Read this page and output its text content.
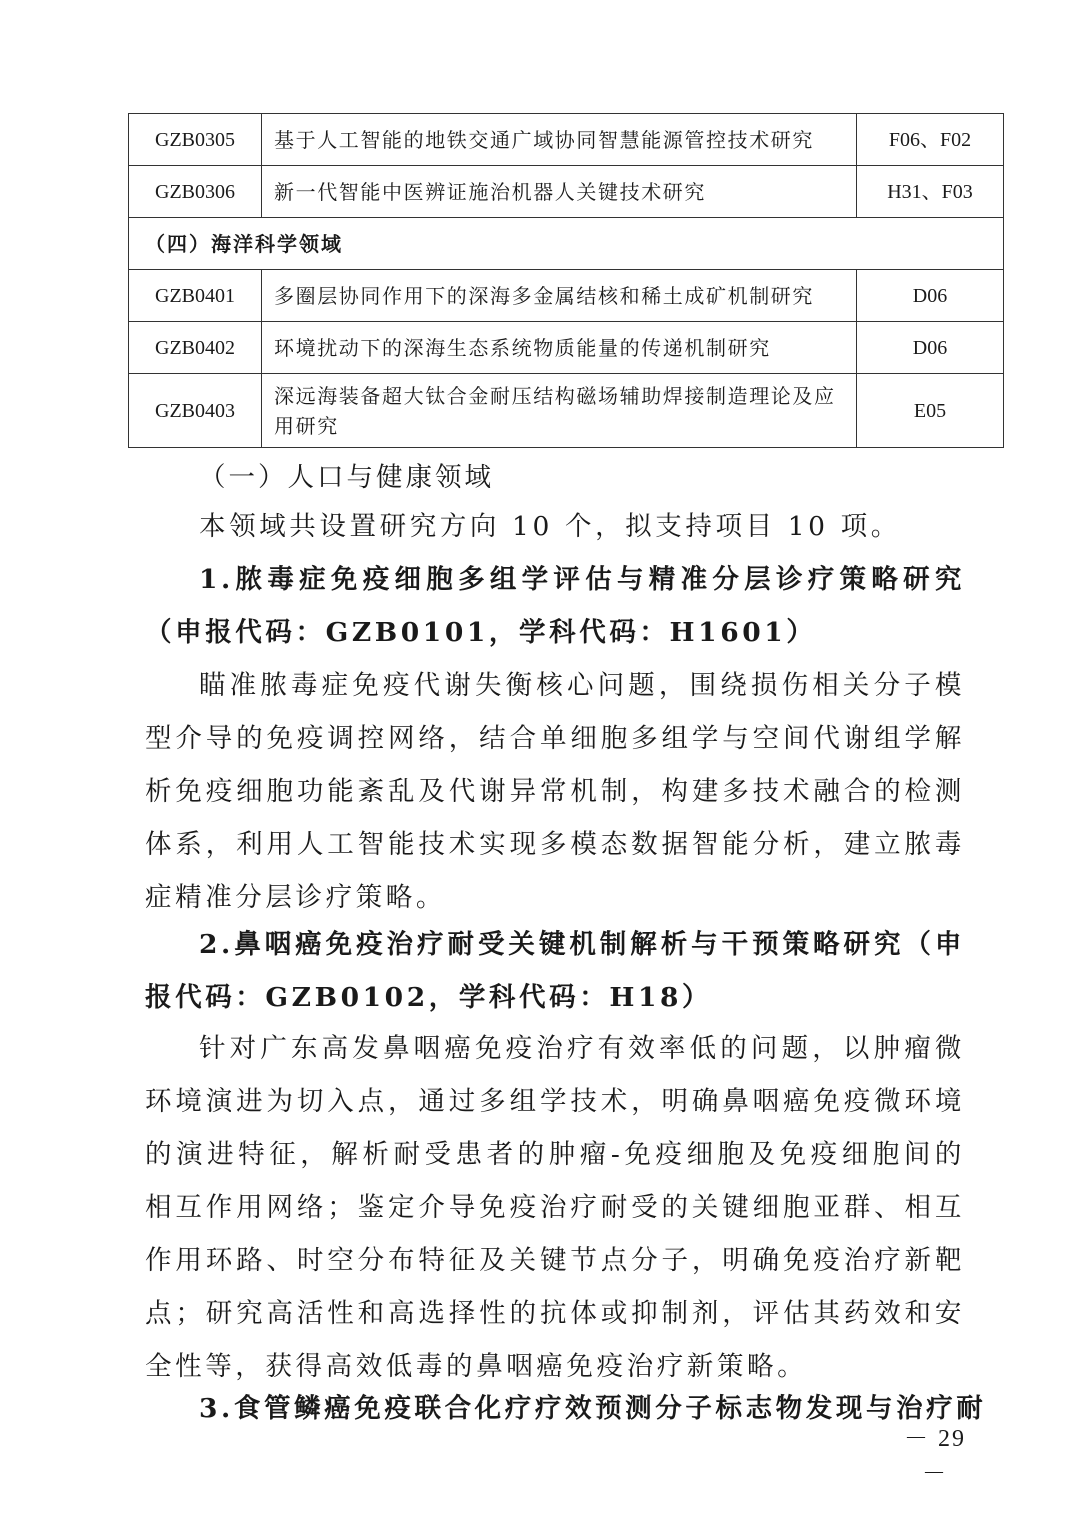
GZB0305	基于人工智能的地铁交通广域协同智慧能源管控技术研究	F06、F02
GZB0306	新一代智能中医辨证施治机器人关键技术研究	H31、F03
（四）海洋科学领域		
GZB0401	多圈层协同作用下的深海多金属结核和稀土成矿机制研究	D06
GZB0402	环境扰动下的深海生态系统物质能量的传递机制研究	D06
GZB0403	深远海装备超大钛合金耐压结构磁场辅助焊接制造理论及应用研究	E05

（一）人口与健康领域

本领域共设置研究方向 10 个，拟支持项目 10 项。

1.脓毒症免疫细胞多组学评估与精准分层诊疗策略研究（申报代码：GZB0101，学科代码：H1601）

瞄准脓毒症免疫代谢失衡核心问题，围绕损伤相关分子模型介导的免疫调控网络，结合单细胞多组学与空间代谢组学解析免疫细胞功能紊乱及代谢异常机制，构建多技术融合的检测体系，利用人工智能技术实现多模态数据智能分析，建立脓毒症精准分层诊疗策略。

2.鼻咽癌免疫治疗耐受关键机制解析与干预策略研究（申报代码：GZB0102，学科代码：H18）

针对广东高发鼻咽癌免疫治疗有效率低的问题，以肿瘤微环境演进为切入点，通过多组学技术，明确鼻咽癌免疫微环境的演进特征，解析耐受患者的肿瘤-免疫细胞及免疫细胞间的相互作用网络；鉴定介导免疫治疗耐受的关键细胞亚群、相互作用环路、时空分布特征及关键节点分子，明确免疫治疗新靶点；研究高活性和高选择性的抗体或抑制剂，评估其药效和安全性等，获得高效低毒的鼻咽癌免疫治疗新策略。

3.食管鳞癌免疫联合化疗疗效预测分子标志物发现与治疗耐

－ 29 －
